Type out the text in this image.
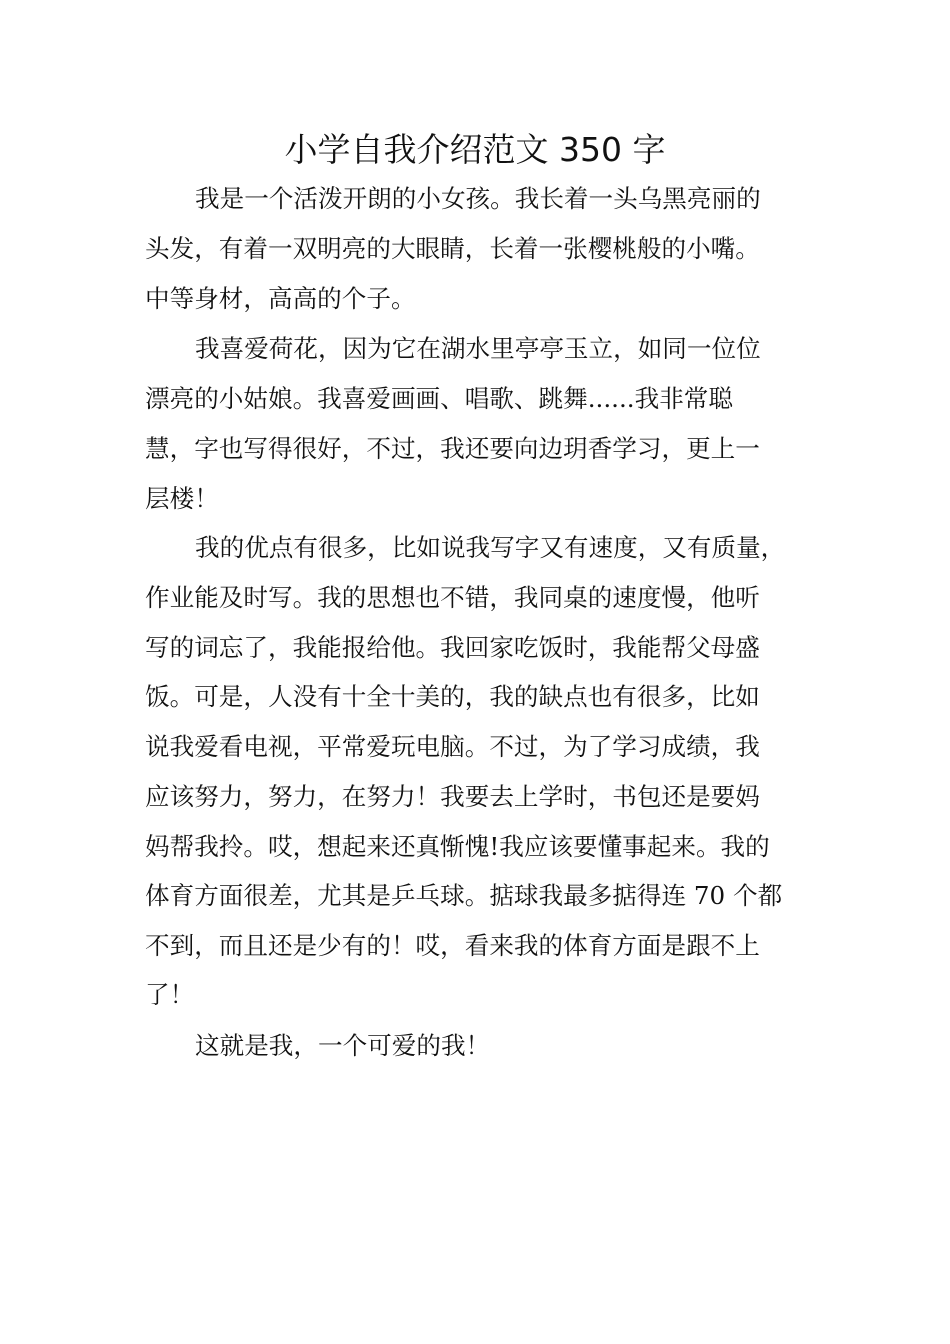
小学自我介绍范文 350 字

我是一个活泼开朗的小女孩。我长着一头乌黑亮丽的

头发，有着一双明亮的大眼睛，长着一张樱桃般的小嘴。

中等身材，高高的个子。

我喜爱荷花，因为它在湖水里亭亭玉立，如同一位位

漂亮的小姑娘。我喜爱画画、唱歌、跳舞......我非常聪

慧，字也写得很好，不过，我还要向边玥香学习，更上一

层楼！

我的优点有很多，比如说我写字又有速度，又有质量，

作业能及时写。我的思想也不错，我同桌的速度慢，他听

写的词忘了，我能报给他。我回家吃饭时，我能帮父母盛

饭。可是，人没有十全十美的，我的缺点也有很多，比如

说我爱看电视，平常爱玩电脑。不过，为了学习成绩，我

应该努力，努力，在努力！我要去上学时，书包还是要妈

妈帮我拎。哎，想起来还真惭愧!我应该要懂事起来。我的

体育方面很差，尤其是乒乓球。掂球我最多掂得连 70 个都

不到，而且还是少有的！哎，看来我的体育方面是跟不上

了！

这就是我，一个可爱的我！
